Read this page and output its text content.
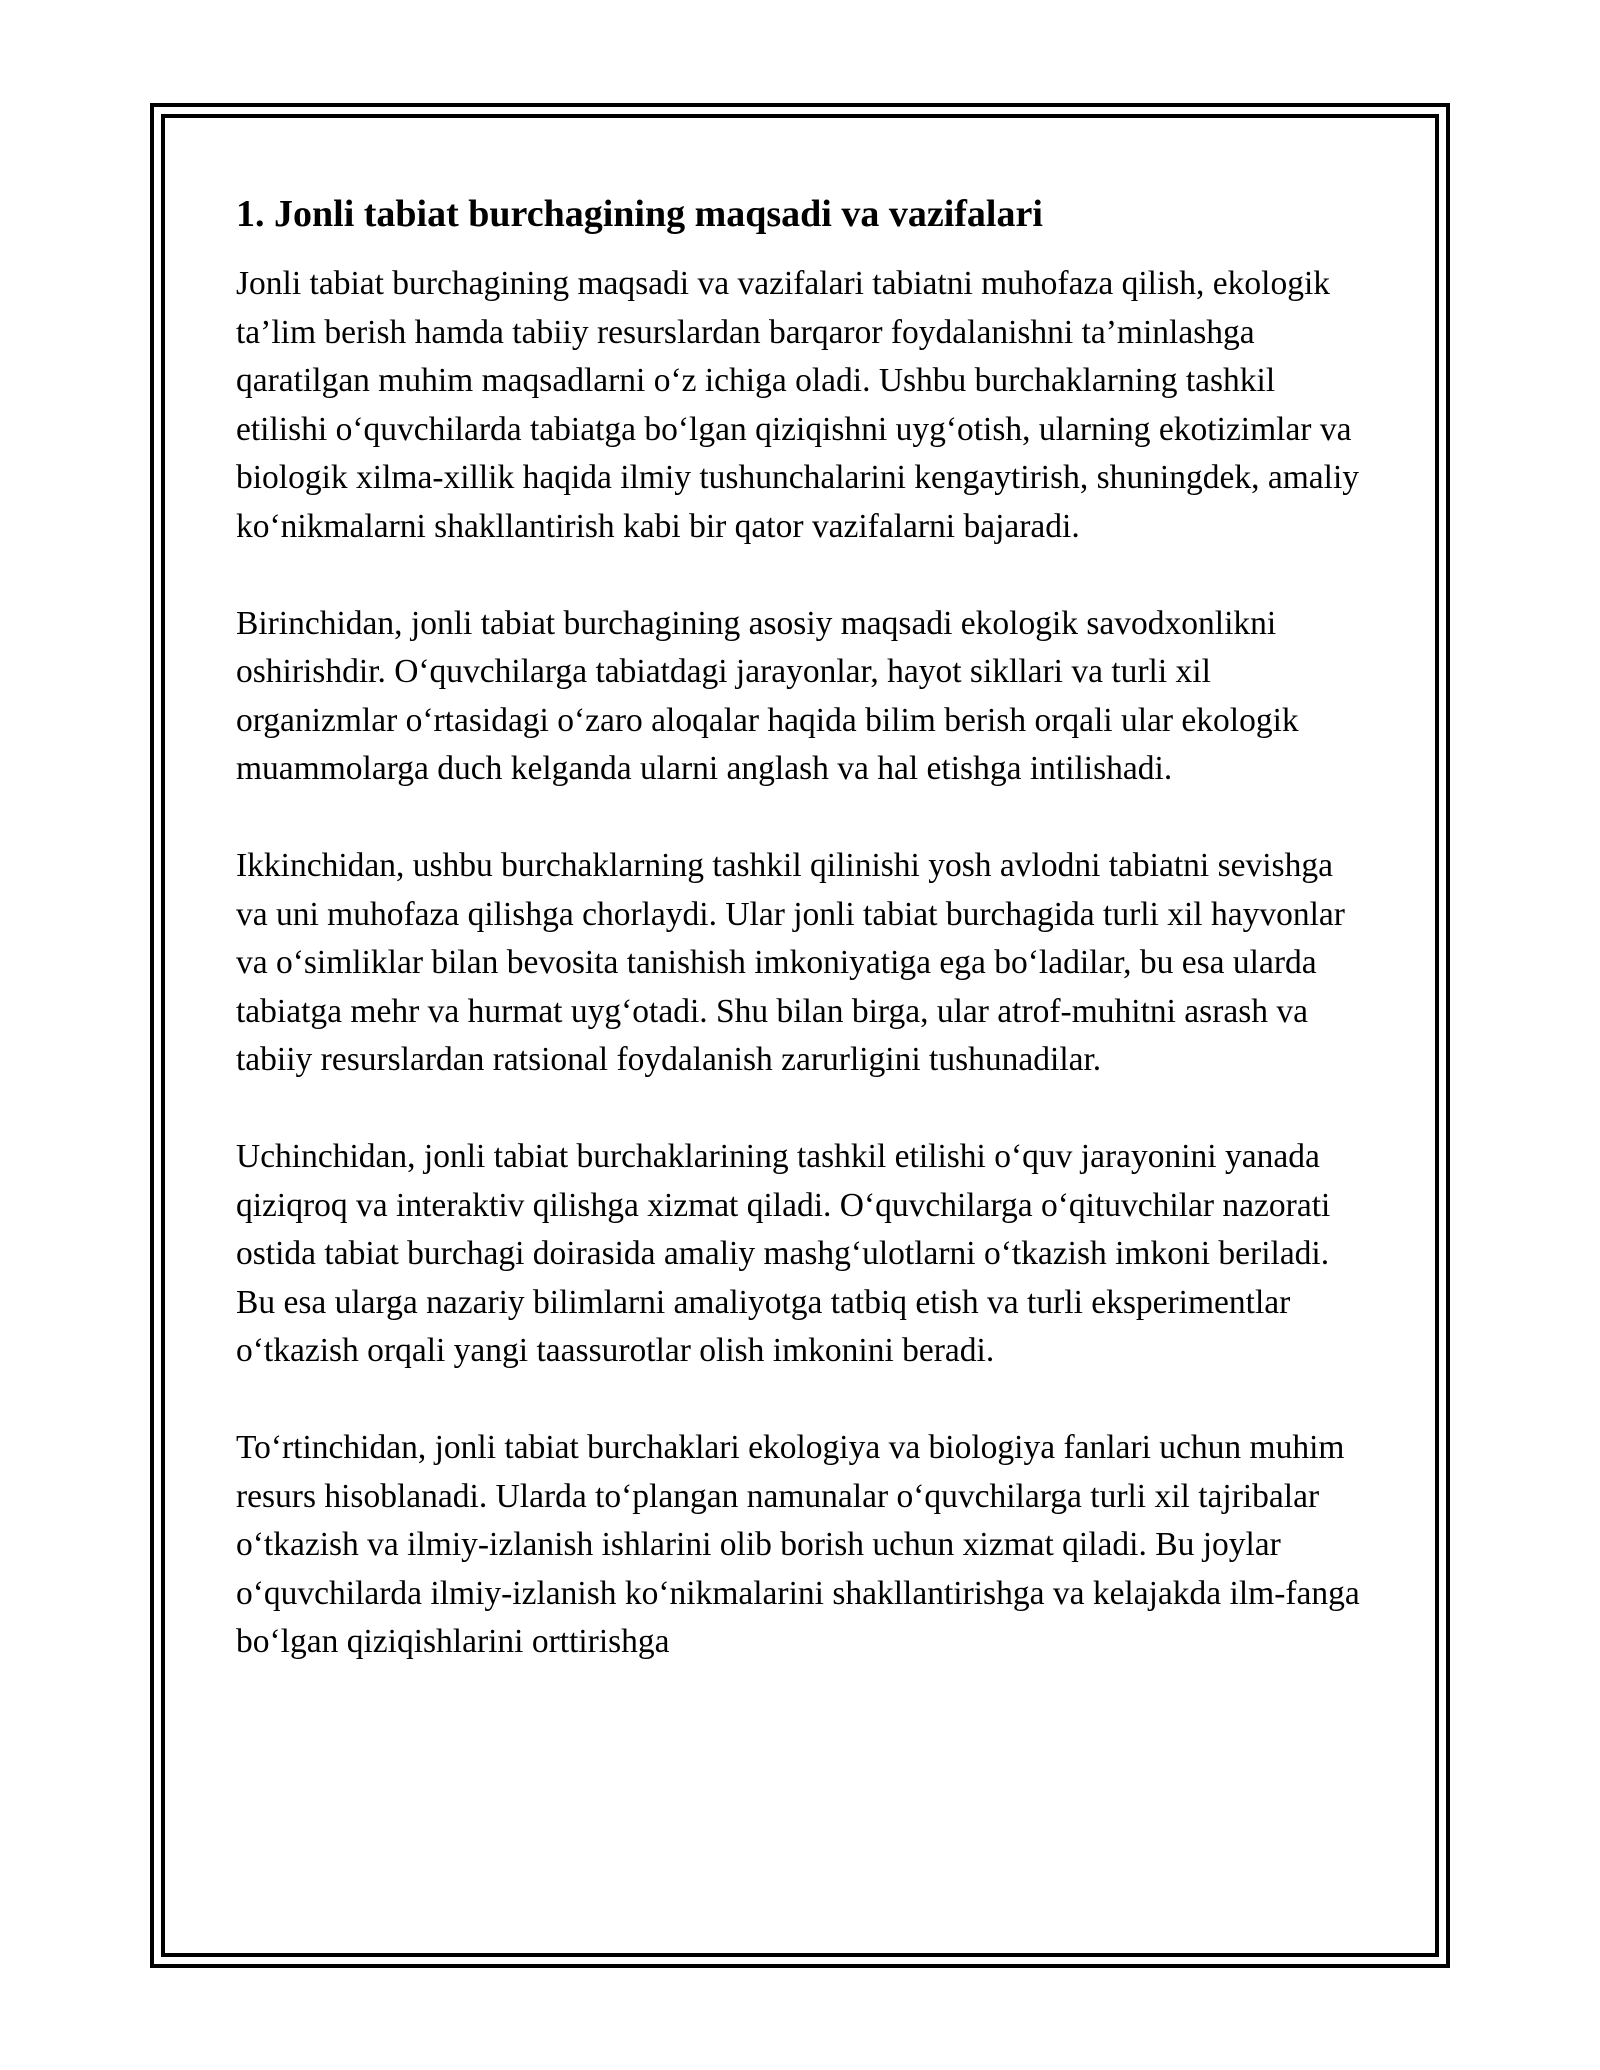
1. Jonli tabiat burchagining maqsadi va vazifalari

Jonli tabiat burchagining maqsadi va vazifalari tabiatni muhofaza qilish, ekologik ta’lim berish hamda tabiiy resurslardan barqaror foydalanishni ta’minlashga qaratilgan muhim maqsadlarni o‘z ichiga oladi. Ushbu burchaklarning tashkil etilishi o‘quvchilarda tabiatga bo‘lgan qiziqishni uyg‘otish, ularning ekotizimlar va biologik xilma-xillik haqida ilmiy tushunchalarini kengaytirish, shuningdek, amaliy ko‘nikmalarni shakllantirish kabi bir qator vazifalarni bajaradi.

Birinchidan, jonli tabiat burchagining asosiy maqsadi ekologik savodxonlikni oshirishdir. O‘quvchilarga tabiatdagi jarayonlar, hayot sikllari va turli xil organizmlar o‘rtasidagi o‘zaro aloqalar haqida bilim berish orqali ular ekologik muammolarga duch kelganda ularni anglash va hal etishga intilishadi.

Ikkinchidan, ushbu burchaklarning tashkil qilinishi yosh avlodni tabiatni sevishga va uni muhofaza qilishga chorlaydi. Ular jonli tabiat burchagida turli xil hayvonlar va o‘simliklar bilan bevosita tanishish imkoniyatiga ega bo‘ladilar, bu esa ularda tabiatga mehr va hurmat uyg‘otadi. Shu bilan birga, ular atrof-muhitni asrash va tabiiy resurslardan ratsional foydalanish zarurligini tushunadilar.

Uchinchidan, jonli tabiat burchaklarining tashkil etilishi o‘quv jarayonini yanada qiziqroq va interaktiv qilishga xizmat qiladi. O‘quvchilarga o‘qituvchilar nazorati ostida tabiat burchagi doirasida amaliy mashg‘ulotlarni o‘tkazish imkoni beriladi. Bu esa ularga nazariy bilimlarni amaliyotga tatbiq etish va turli eksperimentlar o‘tkazish orqali yangi taassurotlar olish imkonini beradi.

To‘rtinchidan, jonli tabiat burchaklari ekologiya va biologiya fanlari uchun muhim resurs hisoblanadi. Ularda to‘plangan namunalar o‘quvchilarga turli xil tajribalar o‘tkazish va ilmiy-izlanish ishlarini olib borish uchun xizmat qiladi. Bu joylar o‘quvchilarda ilmiy-izlanish ko‘nikmalarini shakllantirishga va kelajakda ilm-fanga bo‘lgan qiziqishlarini orttirishga
